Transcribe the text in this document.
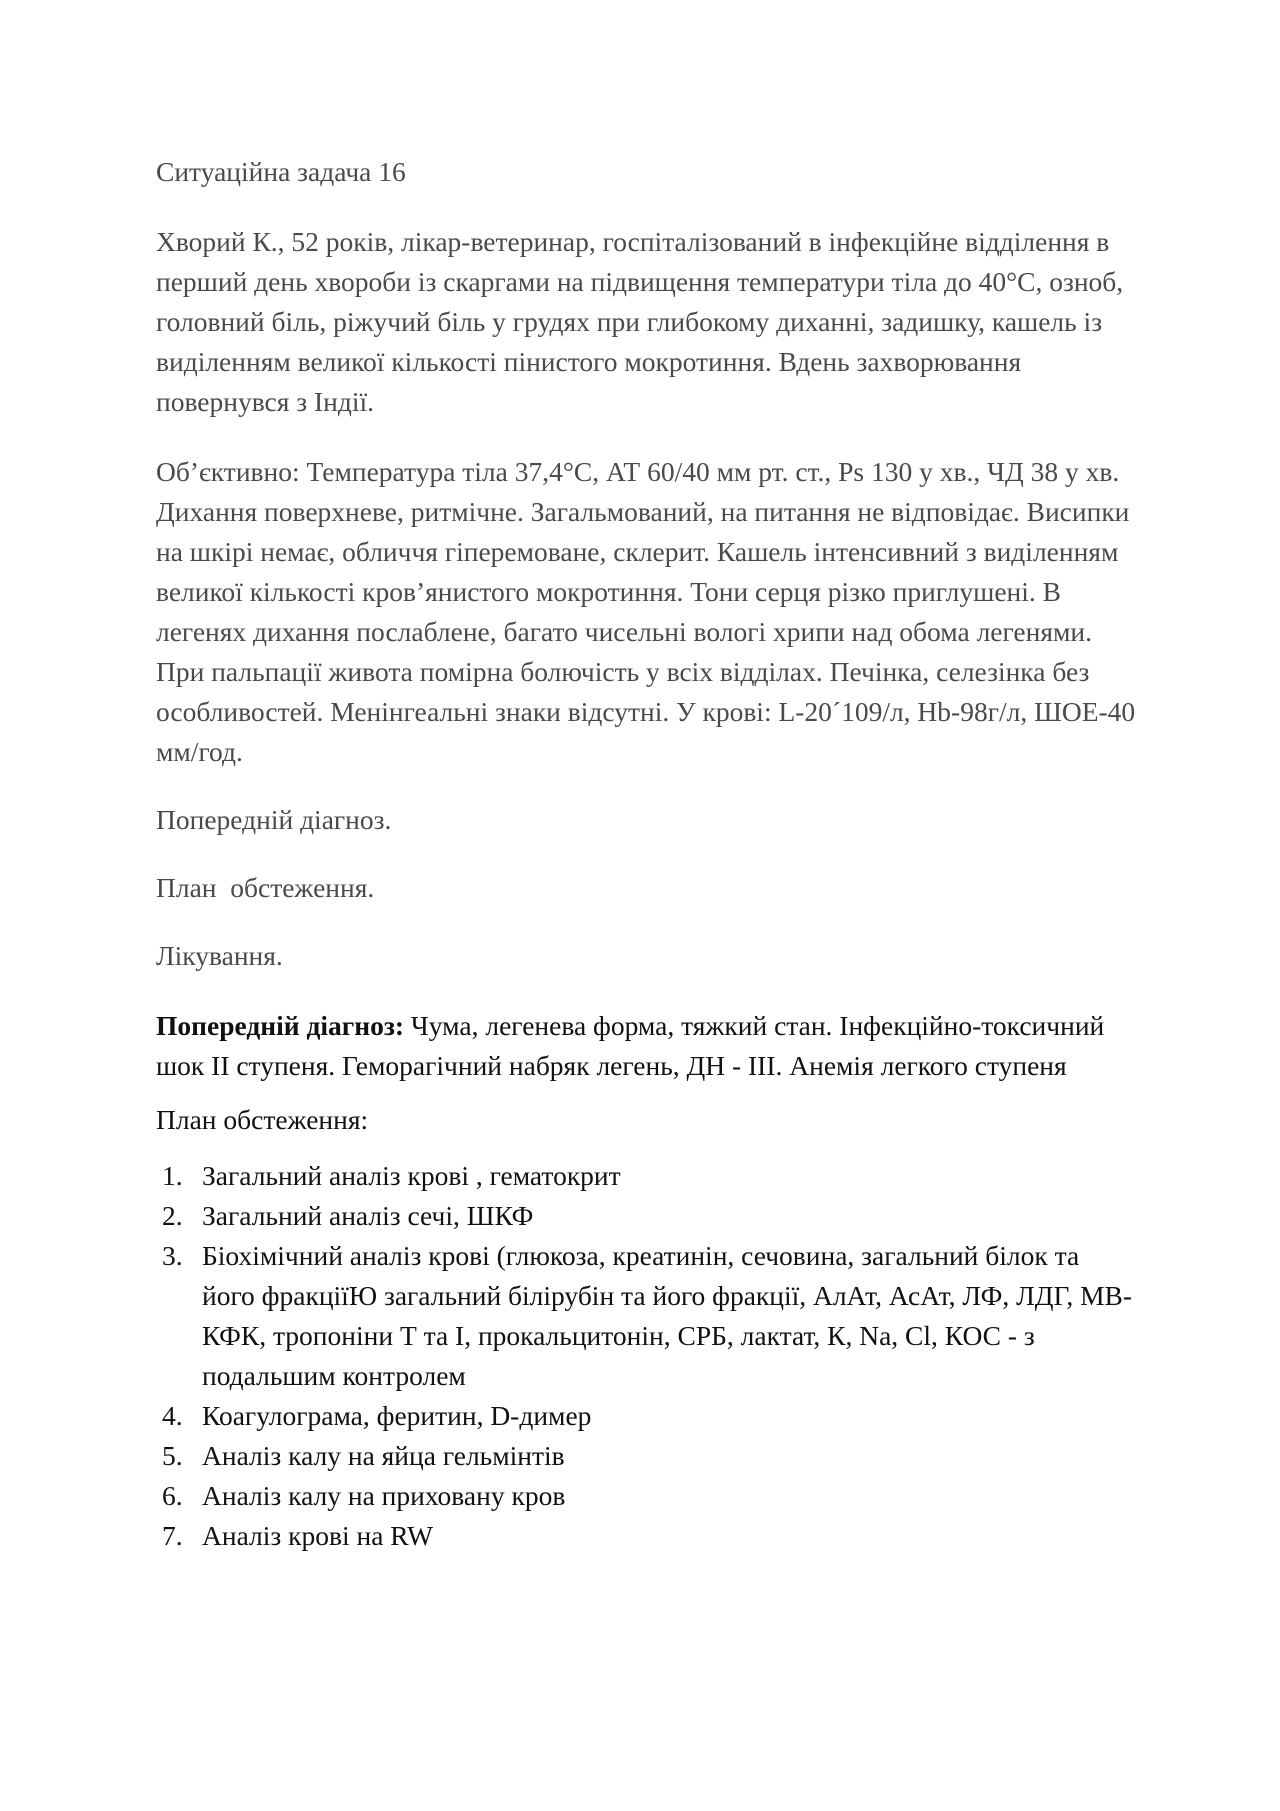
Ситуаційна задача 16

Хворий К., 52 років, лікар-ветеринар, госпіталізований в інфекційне відділення в перший день хвороби із скаргами на підвищення температури тіла до 40°С, озноб, головний біль, ріжучий біль у грудях при глибокому диханні, задишку, кашель із виділенням великої кількості пінистого мокротиння. Вдень захворювання повернувся з Індії.

Об’єктивно: Температура тіла 37,4°С, АТ 60/40 мм рт. ст., Ps 130 у хв., ЧД 38 у хв. Дихання поверхневе, ритмічне. Загальмований, на питання не відповідає. Висипки на шкірі немає, обличчя гіперемоване, склерит. Кашель інтенсивний з виділенням великої кількості кров’янистого мокротиння. Тони серця різко приглушені. В легенях дихання послаблене, багато чисельні вологі хрипи над обома легенями. При пальпації живота помірна болючість у всіх відділах. Печінка, селезінка без особливостей. Менінгеальні знаки відсутні. У крові: L-20´109/л, Hb-98г/л, ШОЕ-40 мм/год.

Попередній діагноз.

План  обстеження.

Лікування.

Попередній діагноз: Чума, легенева форма, тяжкий стан. Інфекційно-токсичний шок ІІ ступеня. Геморагічний набряк легень, ДН - ІІІ. Анемія легкого ступеня

План обстеження:

1. Загальний аналіз крові , гематокрит
2. Загальний аналіз сечі, ШКФ
3. Біохімічний аналіз крові (глюкоза, креатинін, сечовина, загальний білок та його фракціїЮ загальний білірубін та його фракції, АлАт, АсАт, ЛФ, ЛДГ, МВ-КФК, тропоніни Т та І, прокальцитонін, СРБ, лактат, К, Na, Cl, КОС - з подальшим контролем
4. Коагулограма, феритин, D-димер
5. Аналіз калу на яйца гельмінтів
6. Аналіз калу на приховану кров
7. Аналіз крові на RW
